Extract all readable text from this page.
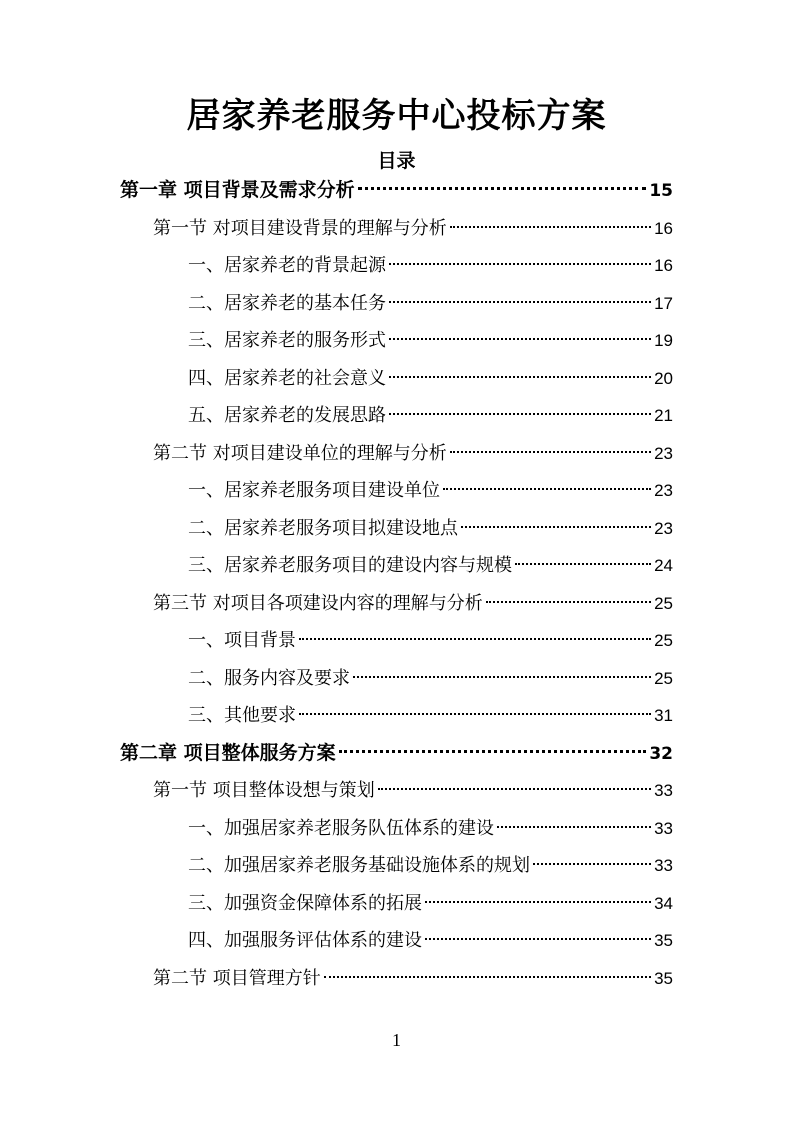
居家养老服务中心投标方案
目录
第一章 项目背景及需求分析	15
第一节 对项目建设背景的理解与分析	16
一、居家养老的背景起源	16
二、居家养老的基本任务	17
三、居家养老的服务形式	19
四、居家养老的社会意义	20
五、居家养老的发展思路	21
第二节 对项目建设单位的理解与分析	23
一、居家养老服务项目建设单位	23
二、居家养老服务项目拟建设地点	23
三、居家养老服务项目的建设内容与规模	24
第三节 对项目各项建设内容的理解与分析	25
一、项目背景	25
二、服务内容及要求	25
三、其他要求	31
第二章 项目整体服务方案	32
第一节 项目整体设想与策划	33
一、加强居家养老服务队伍体系的建设	33
二、加强居家养老服务基础设施体系的规划	33
三、加强资金保障体系的拓展	34
四、加强服务评估体系的建设	35
第二节 项目管理方针	35

1
